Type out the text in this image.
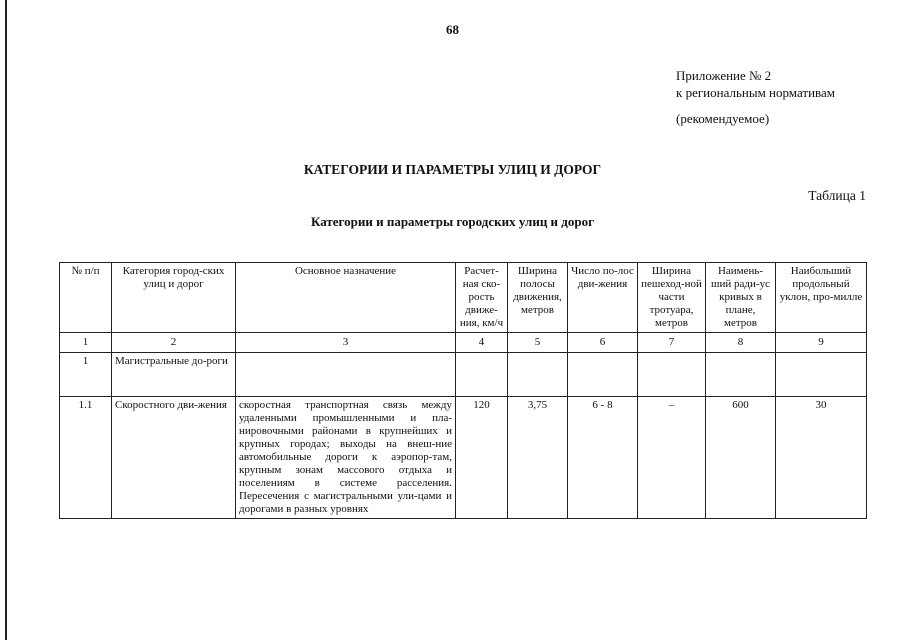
68
Приложение № 2
к региональным нормативам
(рекомендуемое)
КАТЕГОРИИ И ПАРАМЕТРЫ УЛИЦ И ДОРОГ
Таблица 1
Категории и параметры городских улиц и дорог
№ п/п	Категория город-ских улиц и дорог	Основное назначение	Расчет-ная ско-рость движе-ния, км/ч	Ширина полосы движения, метров	Число по-лос дви-жения	Ширина пешеход-ной части тротуара, метров	Наимень-ший ради-ус кривых в плане, метров	Наибольший продольный уклон, про-милле
1	2	3	4	5	6	7	8	9
1	Магистральные до-роги							
1.1	Скоростного дви-жения	скоростная транспортная связь между удаленными промышленными и пла-нировочными районами в крупнейших и крупных городах; выходы на внеш-ние автомобильные дороги к аэропор-там, крупным зонам массового отдыха и поселениям в системе расселения. Пересечения с магистральными ули-цами и дорогами в разных уровнях	120	3,75	6 - 8	–	600	30
